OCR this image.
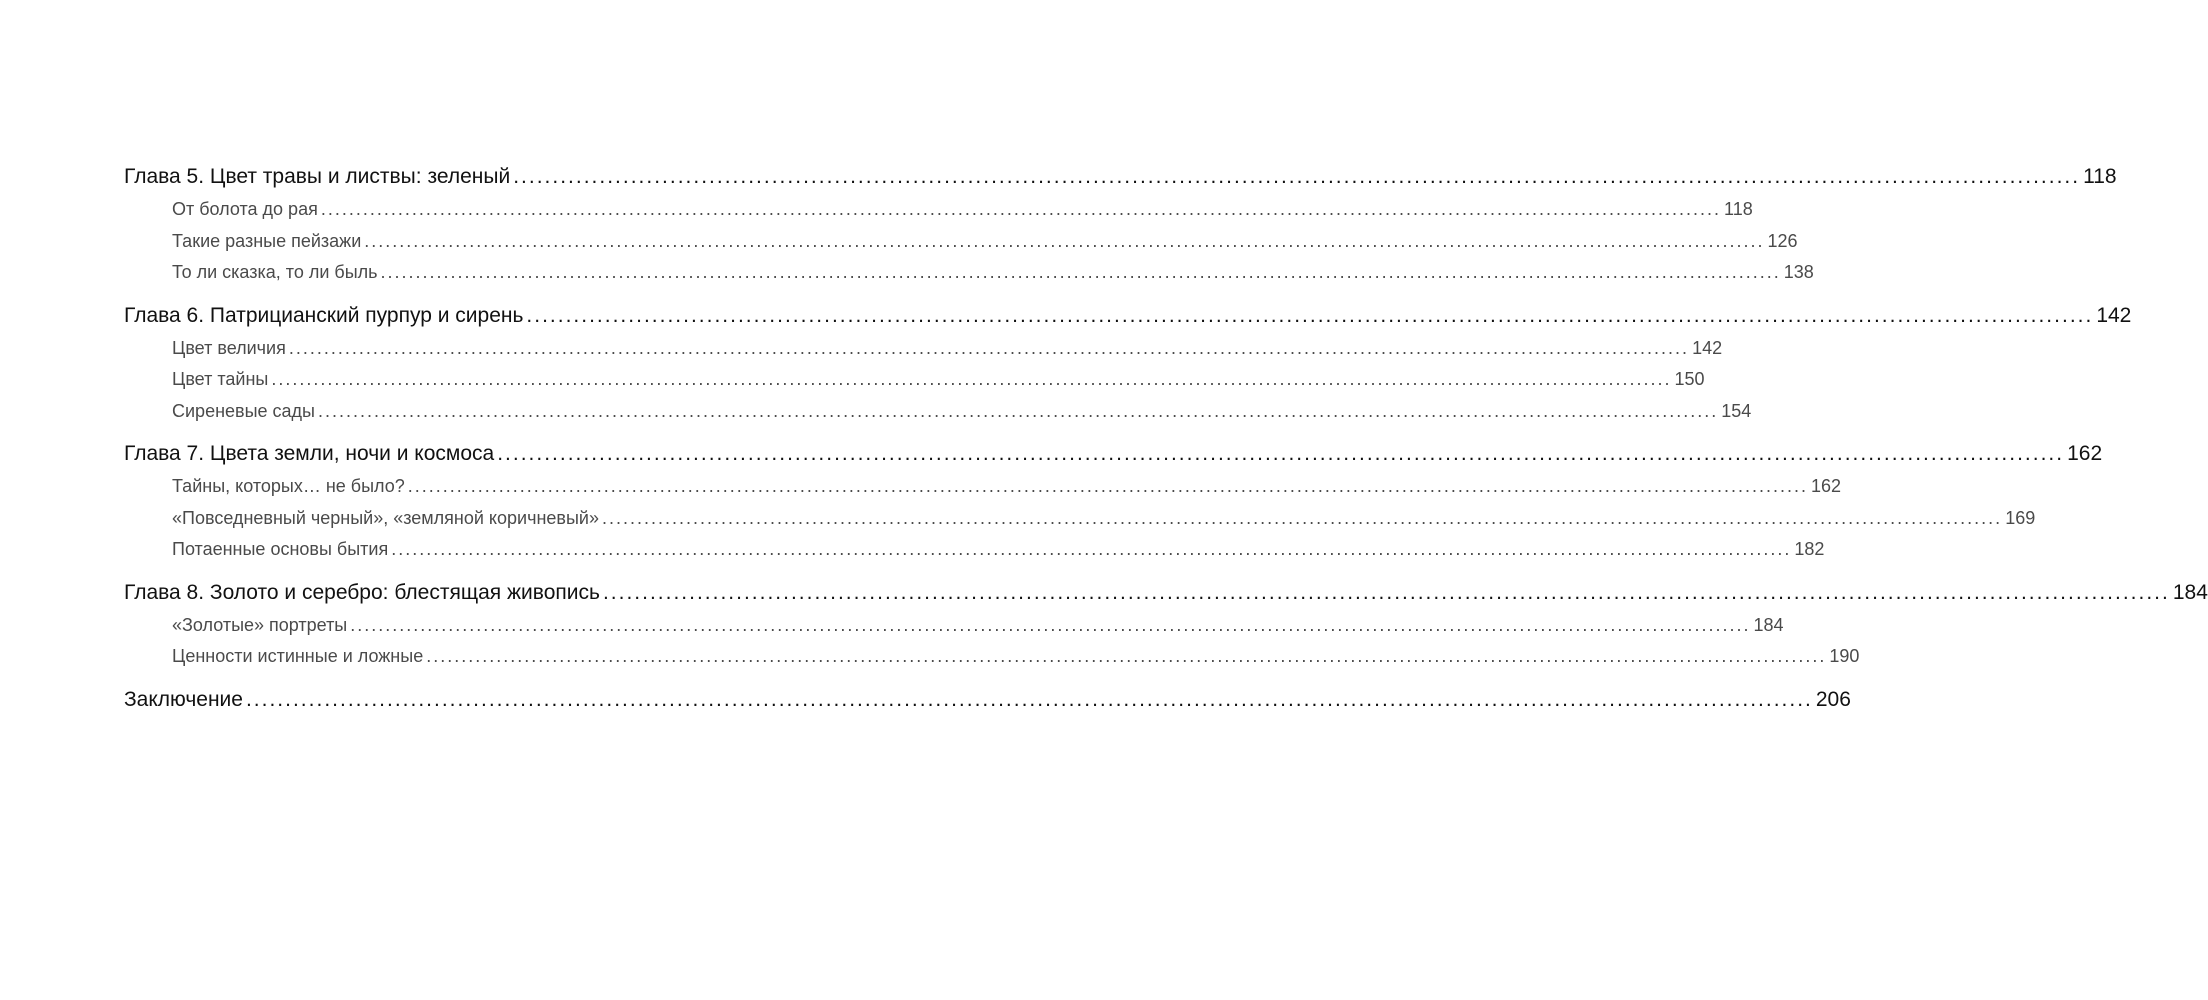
Глава 5. Цвет травы и листвы: зеленый ........................................................................................................................................................................................................ 118
От болота до рая ........................................................................................................................................................................................................ 118
Такие разные пейзажи ........................................................................................................................................................................................................ 126
То ли сказка, то ли быль ........................................................................................................................................................................................................ 138
Глава 6. Патрицианский пурпур и сирень ........................................................................................................................................................................................................ 142
Цвет величия ........................................................................................................................................................................................................ 142
Цвет тайны ........................................................................................................................................................................................................ 150
Сиреневые сады ........................................................................................................................................................................................................ 154
Глава 7. Цвета земли, ночи и космоса ........................................................................................................................................................................................................ 162
Тайны, которых… не было? ........................................................................................................................................................................................................ 162
«Повседневный черный», «земляной коричневый» ........................................................................................................................................................................................................ 169
Потаенные основы бытия ........................................................................................................................................................................................................ 182
Глава 8. Золото и серебро: блестящая живопись ........................................................................................................................................................................................................ 184
«Золотые» портреты ........................................................................................................................................................................................................ 184
Ценности истинные и ложные ........................................................................................................................................................................................................ 190
Заключение ........................................................................................................................................................................................................ 206
